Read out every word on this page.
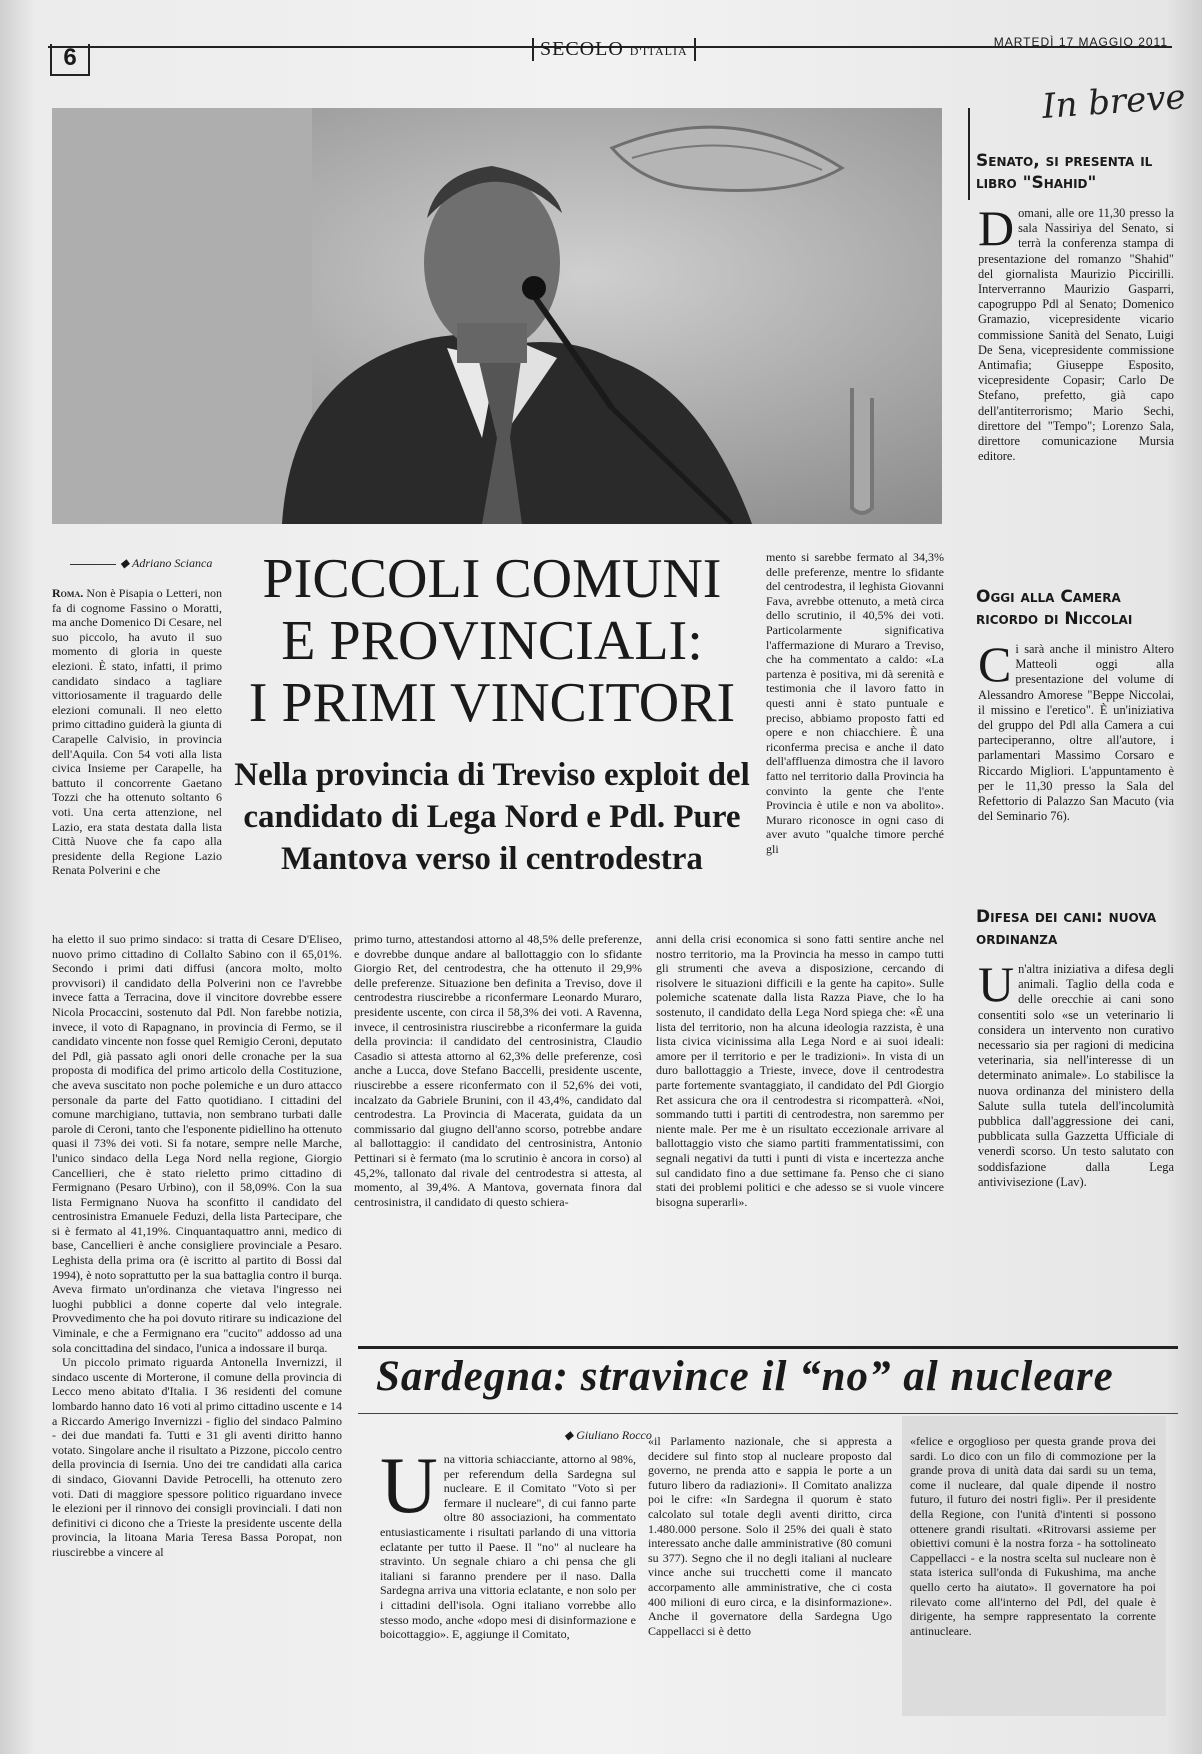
6	SECOLO D'ITALIA
MARTEDÌ 17 MAGGIO 2011
◆ Adriano Scianca PICCOLI COMUNI
E PROVINCIALI:
I PRIMI VINCITORI
Nella provincia di Treviso exploit del candidato di Lega Nord e Pdl. Pure Mantova verso il centrodestra

Roma. Non è Pisapia o Letteri, non fa di cognome Fassino o Moratti, ma anche Domenico Di Cesare, nel suo piccolo, ha avuto il suo momento di gloria in queste elezioni. È stato, infatti, il primo candidato sindaco a tagliare vittoriosamente il traguardo delle elezioni comunali. Il neo eletto primo cittadino guiderà la giunta di Carapelle Calvisio, in provincia dell'Aquila. Con 54 voti alla lista civica Insieme per Carapelle, ha battuto il concorrente Gaetano Tozzi che ha ottenuto soltanto 6 voti. Una certa attenzione, nel Lazio, era stata destata dalla lista Città Nuove che fa capo alla presidente della Regione Lazio Renata Polverini e che

ha eletto il suo primo sindaco: si tratta di Cesare D'Eliseo, nuovo primo cittadino di Collalto Sabino con il 65,01%. Secondo i primi dati diffusi (ancora molto, molto provvisori) il candidato della Polverini non ce l'avrebbe invece fatta a Terracina, dove il vincitore dovrebbe essere Nicola Procaccini, sostenuto dal Pdl. Non farebbe notizia, invece, il voto di Rapagnano, in provincia di Fermo, se il candidato vincente non fosse quel Remigio Ceroni, deputato del Pdl, già passato agli onori delle cronache per la sua proposta di modifica del primo articolo della Costituzione, che aveva suscitato non poche polemiche e un duro attacco personale da parte del Fatto quotidiano. I cittadini del comune marchigiano, tuttavia, non sembrano turbati dalle parole di Ceroni, tanto che l'esponente pidiellino ha ottenuto quasi il 73% dei voti. Si fa notare, sempre nelle Marche, l'unico sindaco della Lega Nord nella regione, Giorgio Cancellieri, che è stato rieletto primo cittadino di Fermignano (Pesaro Urbino), con il 58,09%. Con la sua lista Fermignano Nuova ha sconfitto il candidato del centrosinistra Emanuele Feduzi, della lista Partecipare, che si è fermato al 41,19%. Cinquantaquattro anni, medico di base, Cancellieri è anche consigliere provinciale a Pesaro. Leghista della prima ora (è iscritto al partito di Bossi dal 1994), è noto soprattutto per la sua battaglia contro il burqa. Aveva firmato un'ordinanza che vietava l'ingresso nei luoghi pubblici a donne coperte dal velo integrale. Provvedimento che ha poi dovuto ritirare su indicazione del Viminale, e che a Fermignano era "cucito" addosso ad una sola concittadina del sindaco, l'unica a indossare il burqa.

Un piccolo primato riguarda Antonella Invernizzi, il sindaco uscente di Morterone, il comune della provincia di Lecco meno abitato d'Italia. I 36 residenti del comune lombardo hanno dato 16 voti al primo cittadino uscente e 14 a Riccardo Amerigo Invernizzi - figlio del sindaco Palmino - dei due mandati fa. Tutti e 31 gli aventi diritto hanno votato. Singolare anche il risultato a Pizzone, piccolo centro della provincia di Isernia. Uno dei tre candidati alla carica di sindaco, Giovanni Davide Petrocelli, ha ottenuto zero voti. Dati di maggiore spessore politico riguardano invece le elezioni per il rinnovo dei consigli provinciali. I dati non definitivi ci dicono che a Trieste la presidente uscente della provincia, la litoana Maria Teresa Bassa Poropat, non riuscirebbe a vincere al

primo turno, attestandosi attorno al 48,5% delle preferenze, e dovrebbe dunque andare al ballottaggio con lo sfidante Giorgio Ret, del centrodestra, che ha ottenuto il 29,9% delle preferenze. Situazione ben definita a Treviso, dove il centrodestra riuscirebbe a riconfermare Leonardo Muraro, presidente uscente, con circa il 58,3% dei voti. A Ravenna, invece, il centrosinistra riuscirebbe a riconfermare la guida della provincia: il candidato del centrosinistra, Claudio Casadio si attesta attorno al 62,3% delle preferenze, così anche a Lucca, dove Stefano Baccelli, presidente uscente, riuscirebbe a essere riconfermato con il 52,6% dei voti, incalzato da Gabriele Brunini, con il 43,4%, candidato dal centrodestra. La Provincia di Macerata, guidata da un commissario dal giugno dell'anno scorso, potrebbe andare al ballottaggio: il candidato del centrosinistra, Antonio Pettinari si è fermato (ma lo scrutinio è ancora in corso) al 45,2%, tallonato dal rivale del centrodestra si attesta, al momento, al 39,4%. A Mantova, governata finora dal centrosinistra, il candidato di questo schiera-

mento si sarebbe fermato al 34,3% delle preferenze, mentre lo sfidante del centrodestra, il leghista Giovanni Fava, avrebbe ottenuto, a metà circa dello scrutinio, il 40,5% dei voti. Particolarmente significativa l'affermazione di Muraro a Treviso, che ha commentato a caldo: «La partenza è positiva, mi dà serenità e testimonia che il lavoro fatto in questi anni è stato puntuale e preciso, abbiamo proposto fatti ed opere e non chiacchiere. È una riconferma precisa e anche il dato dell'affluenza dimostra che il lavoro fatto nel territorio dalla Provincia ha convinto la gente che l'ente Provincia è utile e non va abolito». Muraro riconosce in ogni caso di aver avuto "qualche timore perché gli

anni della crisi economica si sono fatti sentire anche nel nostro territorio, ma la Provincia ha messo in campo tutti gli strumenti che aveva a disposizione, cercando di risolvere le situazioni difficili e la gente ha capito». Sulle polemiche scatenate dalla lista Razza Piave, che lo ha sostenuto, il candidato della Lega Nord spiega che: «È una lista del territorio, non ha alcuna ideologia razzista, è una lista civica vicinissima alla Lega Nord e ai suoi ideali: amore per il territorio e per le tradizioni». In vista di un duro ballottaggio a Trieste, invece, dove il centrodestra parte fortemente svantaggiato, il candidato del Pdl Giorgio Ret assicura che ora il centrodestra si ricompatterà. «Noi, sommando tutti i partiti di centrodestra, non saremmo per niente male. Per me è un risultato eccezionale arrivare al ballottaggio visto che siamo partiti frammentatissimi, con segnali negativi da tutti i punti di vista e incertezza anche sul candidato fino a due settimane fa. Penso che ci siano stati dei problemi politici e che adesso se si vuole vincere bisogna superarli».

In breve
Senato, si presenta il libro "Shahid"

Domani, alle ore 11,30 presso la sala Nassiriya del Senato, si terrà la conferenza stampa di presentazione del romanzo "Shahid" del giornalista Maurizio Piccirilli. Interverranno Maurizio Gasparri, capogruppo Pdl al Senato; Domenico Gramazio, vicepresidente vicario commissione Sanità del Senato, Luigi De Sena, vicepresidente commissione Antimafia; Giuseppe Esposito, vicepresidente Copasir; Carlo De Stefano, prefetto, già capo dell'antiterrorismo; Mario Sechi, direttore del "Tempo"; Lorenzo Sala, direttore comunicazione Mursia editore.

Oggi alla Camera ricordo di Niccolai

Ci sarà anche il ministro Altero Matteoli oggi alla presentazione del volume di Alessandro Amorese "Beppe Niccolai, il missino e l'eretico". È un'iniziativa del gruppo del Pdl alla Camera a cui parteciperanno, oltre all'autore, i parlamentari Massimo Corsaro e Riccardo Migliori. L'appuntamento è per le 11,30 presso la Sala del Refettorio di Palazzo San Macuto (via del Seminario 76).

Difesa dei cani: nuova ordinanza

Un'altra iniziativa a difesa degli animali. Taglio della coda e delle orecchie ai cani sono consentiti solo «se un veterinario li considera un intervento non curativo necessario sia per ragioni di medicina veterinaria, sia nell'interesse di un determinato animale». Lo stabilisce la nuova ordinanza del ministero della Salute sulla tutela dell'incolumità pubblica dall'aggressione dei cani, pubblicata sulla Gazzetta Ufficiale di venerdì scorso. Un testo salutato con soddisfazione dalla Lega antivivisezione (Lav).

Sardegna: stravince il “no” al nucleare
◆ Giuliano Rocco

Una vittoria schiacciante, attorno al 98%, per referendum della Sardegna sul nucleare. E il Comitato "Voto sì per fermare il nucleare", di cui fanno parte oltre 80 associazioni, ha commentato entusiasticamente i risultati parlando di una vittoria eclatante per tutto il Paese. Il "no" al nucleare ha stravinto. Un segnale chiaro a chi pensa che gli italiani si faranno prendere per il naso. Dalla Sardegna arriva una vittoria eclatante, e non solo per i cittadini dell'isola. Ogni italiano vorrebbe allo stesso modo, anche «dopo mesi di disinformazione e boicottaggio». E, aggiunge il Comitato,

«il Parlamento nazionale, che si appresta a decidere sul finto stop al nucleare proposto dal governo, ne prenda atto e sappia le porte a un futuro libero da radiazioni». Il Comitato analizza poi le cifre: «In Sardegna il quorum è stato calcolato sul totale degli aventi diritto, circa 1.480.000 persone. Solo il 25% dei quali è stato interessato anche dalle amministrative (80 comuni su 377). Segno che il no degli italiani al nucleare vince anche sui trucchetti come il mancato accorpamento alle amministrative, che ci costa 400 milioni di euro circa, e la disinformazione». Anche il governatore della Sardegna Ugo Cappellacci si è detto

«felice e orgoglioso per questa grande prova dei sardi. Lo dico con un filo di commozione per la grande prova di unità data dai sardi su un tema, come il nucleare, dal quale dipende il nostro futuro, il futuro dei nostri figli». Per il presidente della Regione, con l'unità d'intenti si possono ottenere grandi risultati. «Ritrovarsi assieme per obiettivi comuni è la nostra forza - ha sottolineato Cappellacci - e la nostra scelta sul nucleare non è stata isterica sull'onda di Fukushima, ma anche quello certo ha aiutato». Il governatore ha poi rilevato come all'interno del Pdl, del quale è dirigente, ha sempre rappresentato la corrente antinucleare.
